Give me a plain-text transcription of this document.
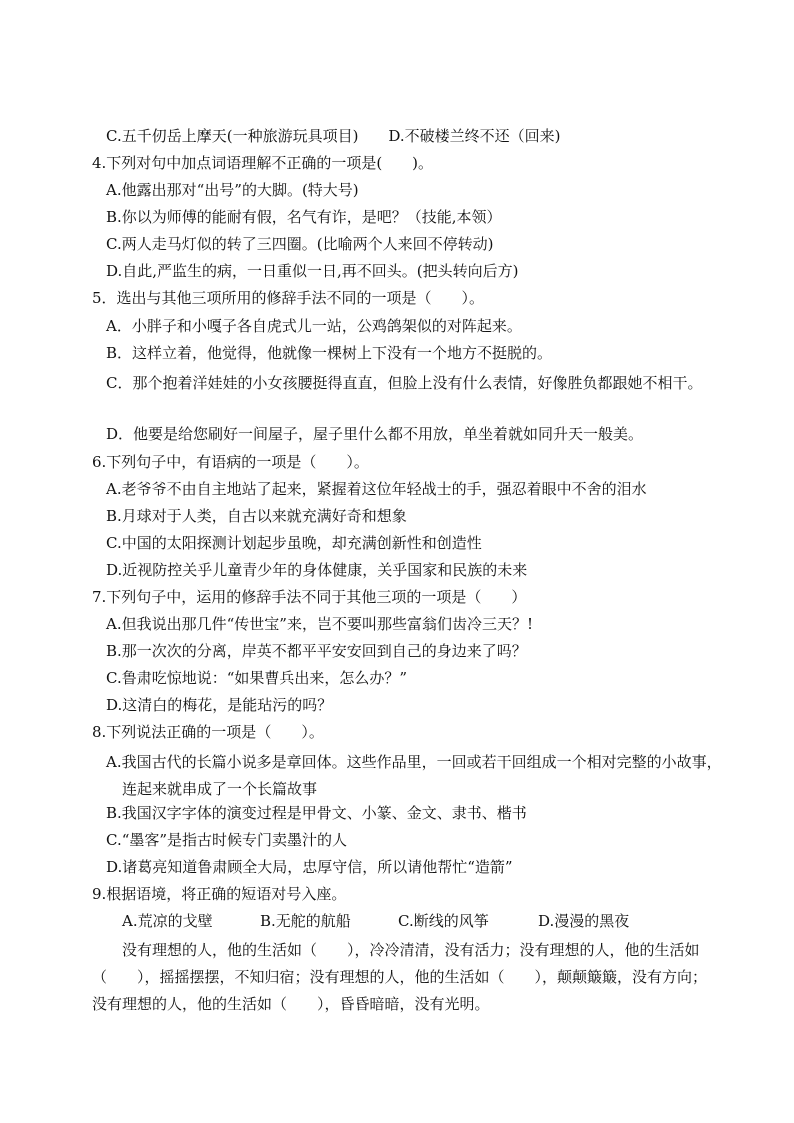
C.五千仞岳上摩天(一种旅游玩具项目)　　D.不破楼兰终不还（回来)
4.下列对句中加点词语理解不正确的一项是(　　)。
A.他露出那对“出号”的大脚。(特大号)
B.你以为师傅的能耐有假，名气有诈，是吧？（技能,本领）
C.两人走马灯似的转了三四圈。(比喻两个人来回不停转动)
D.自此,严监生的病，一日重似一日,再不回头。(把头转向后方)
5．选出与其他三项所用的修辞手法不同的一项是（　　）。
A．小胖子和小嘎子各自虎式儿一站，公鸡鸽架似的对阵起来。
B．这样立着，他觉得，他就像一棵树上下没有一个地方不挺脱的。
C．那个抱着洋娃娃的小女孩腰挺得直直，但脸上没有什么表情，好像胜负都跟她不相干。
D．他要是给您刷好一间屋子，屋子里什么都不用放，单坐着就如同升天一般美。
6.下列句子中，有语病的一项是（　　）。
A.老爷爷不由自主地站了起来，紧握着这位年轻战士的手，强忍着眼中不舍的泪水
B.月球对于人类，自古以来就充满好奇和想象
C.中国的太阳探测计划起步虽晚，却充满创新性和创造性
D.近视防控关乎儿童青少年的身体健康，关乎国家和民族的未来
7.下列句子中，运用的修辞手法不同于其他三项的一项是（　　）
A.但我说出那几件“传世宝”来，岂不要叫那些富翁们齿冷三天？!
B.那一次次的分离，岸英不都平平安安回到自己的身边来了吗？
C.鲁肃吃惊地说：“如果曹兵出来，怎么办？”
D.这清白的梅花，是能玷污的吗？
8.下列说法正确的一项是（　　）。
A.我国古代的长篇小说多是章回体。这些作品里，一回或若干回组成一个相对完整的小故事，连起来就串成了一个长篇故事
B.我国汉字字体的演变过程是甲骨文、小篆、金文、隶书、楷书
C.“墨客”是指古时候专门卖墨汁的人
D.诸葛亮知道鲁肃顾全大局，忠厚守信，所以请他帮忙“造箭”
9.根据语境，将正确的短语对号入座。
A.荒凉的戈壁	B.无舵的航船	C.断线的风筝	D.漫漫的黑夜
没有理想的人，他的生活如（　　），冷冷清清，没有活力；没有理想的人，他的生活如（　　），摇摇摆摆，不知归宿；没有理想的人，他的生活如（　　），颠颠簸簸，没有方向；没有理想的人，他的生活如（　　），昏昏暗暗，没有光明。
